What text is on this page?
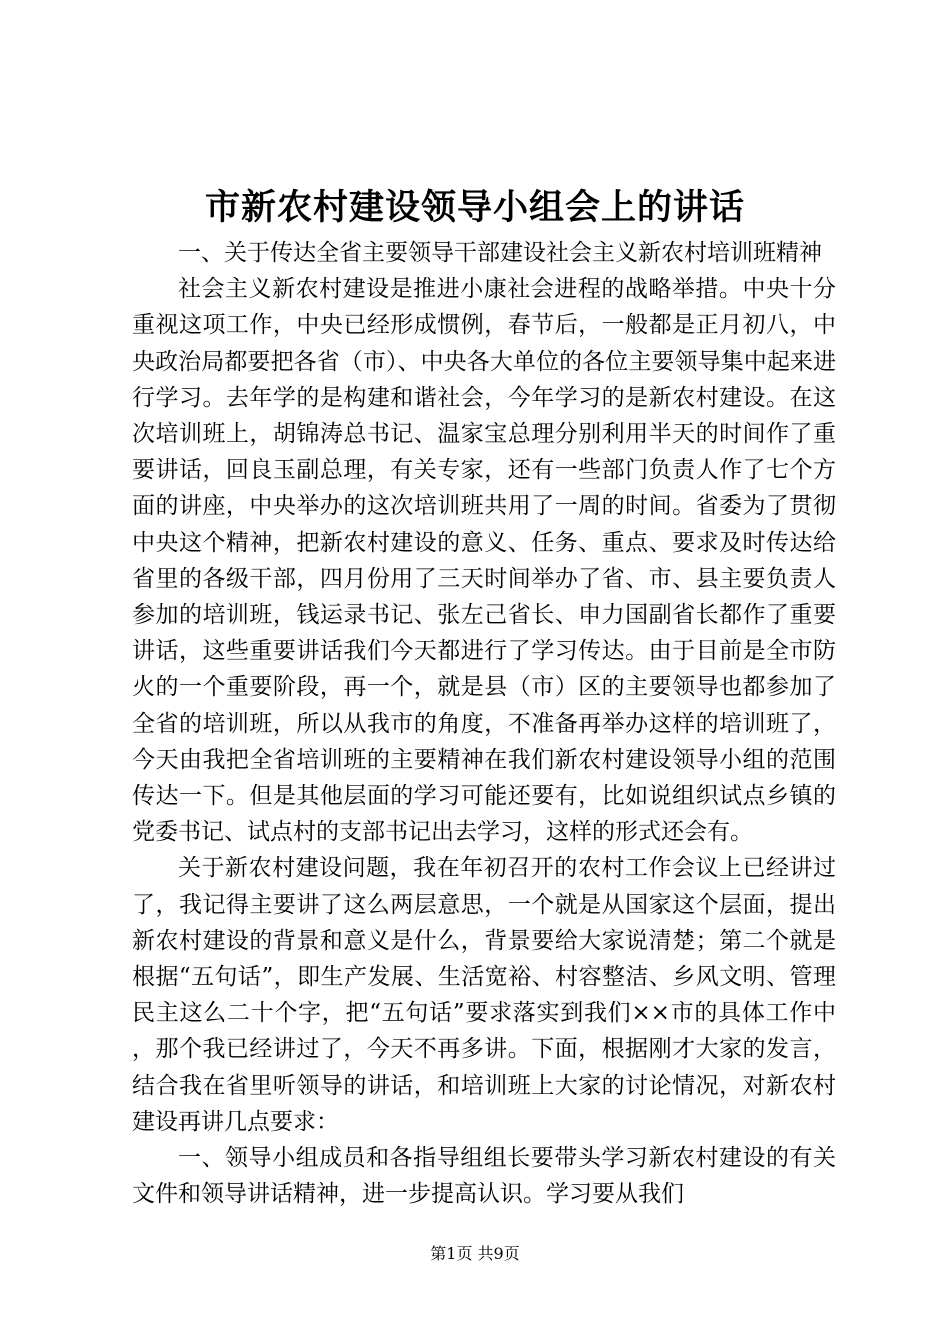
市新农村建设领导小组会上的讲话

一、关于传达全省主要领导干部建设社会主义新农村培训班精神

社会主义新农村建设是推进小康社会进程的战略举措。中央十分重视这项工作，中央已经形成惯例，春节后，一般都是正月初八，中央政治局都要把各省（市）、中央各大单位的各位主要领导集中起来进行学习。去年学的是构建和谐社会，今年学习的是新农村建设。在这次培训班上，胡锦涛总书记、温家宝总理分别利用半天的时间作了重要讲话，回良玉副总理，有关专家，还有一些部门负责人作了七个方面的讲座，中央举办的这次培训班共用了一周的时间。省委为了贯彻中央这个精神，把新农村建设的意义、任务、重点、要求及时传达给省里的各级干部，四月份用了三天时间举办了省、市、县主要负责人参加的培训班，钱运录书记、张左己省长、申力国副省长都作了重要讲话，这些重要讲话我们今天都进行了学习传达。由于目前是全市防火的一个重要阶段，再一个，就是县（市）区的主要领导也都参加了全省的培训班，所以从我市的角度，不准备再举办这样的培训班了，今天由我把全省培训班的主要精神在我们新农村建设领导小组的范围传达一下。但是其他层面的学习可能还要有，比如说组织试点乡镇的党委书记、试点村的支部书记出去学习，这样的形式还会有。

关于新农村建设问题，我在年初召开的农村工作会议上已经讲过了，我记得主要讲了这么两层意思，一个就是从国家这个层面，提出新农村建设的背景和意义是什么，背景要给大家说清楚；第二个就是根据“五句话”，即生产发展、生活宽裕、村容整洁、乡风文明、管理民主这么二十个字，把“五句话”要求落实到我们××市的具体工作中，那个我已经讲过了，今天不再多讲。下面，根据刚才大家的发言，结合我在省里听领导的讲话，和培训班上大家的讨论情况，对新农村建设再讲几点要求：

一、领导小组成员和各指导组组长要带头学习新农村建设的有关文件和领导讲话精神，进一步提高认识。学习要从我们

第1页 共9页
